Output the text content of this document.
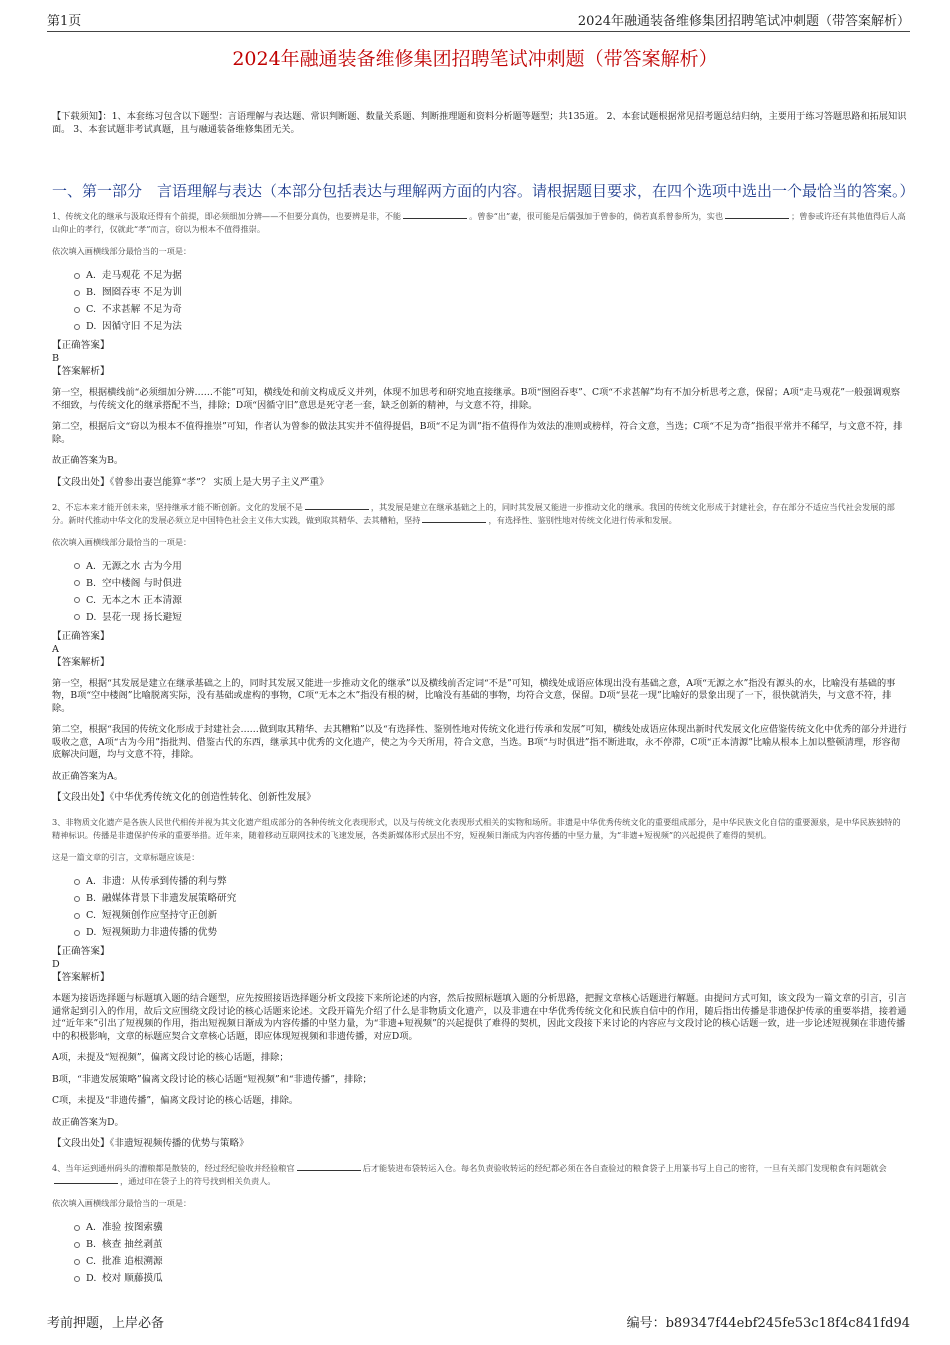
第1页	2024年融通装备维修集团招聘笔试冲刺题（带答案解析）
2024年融通装备维修集团招聘笔试冲刺题（带答案解析）
【下载须知】：1、本套练习包含以下题型：言语理解与表达题、常识判断题、数量关系题、判断推理题和资料分析题等题型；共135道。 2、本套试题根据常见招考题总结归纳，主要用于练习答题思路和拓展知识面。 3、本套试题非考试真题，且与融通装备维修集团无关。
一、第一部分　言语理解与表达（本部分包括表达与理解两方面的内容。请根据题目要求，在四个选项中选出一个最恰当的答案。）
1、传统文化的继承与汲取还得有个前提，即必须细加分辨——不但要分真伪，也要辨是非，不能	。曾参“出”妻，很可能是后儒强加于曾参的，倘若真系曾参所为，实也	；曾参或许还有其他值得后人高山仰止的孝行，仅就此“孝”而言，窃以为根本不值得推崇。
依次填入画横线部分最恰当的一项是：
A. 走马观花 不足为据
B. 囫囵吞枣 不足为训
C. 不求甚解 不足为奇
D. 因循守旧 不足为法
【正确答案】
B
【答案解析】
第一空，根据横线前“必须细加分辨……不能”可知，横线处和前文构成反义并列，体现不加思考和研究地直接继承。B项“囫囵吞枣”、C项“不求甚解”均有不加分析思考之意，保留；A项“走马观花”一般强调观察不细致，与传统文化的继承搭配不当，排除；D项“因循守旧”意思是死守老一套，缺乏创新的精神，与文意不符，排除。
第二空，根据后文“窃以为根本不值得推崇”可知，作者认为曾参的做法其实并不值得提倡，B项“不足为训”指不值得作为效法的准则或榜样，符合文意，当选；C项“不足为奇”指很平常并不稀罕，与文意不符，排除。
故正确答案为B。
【文段出处】《曾参出妻岂能算“孝”？ 实质上是大男子主义严重》
2、不忘本来才能开创未来，坚持继承才能不断创新。文化的发展不是	，其发展是建立在继承基础之上的，同时其发展又能进一步推动文化的继承。我国的传统文化形成于封建社会，存在部分不适应当代社会发展的部分。新时代推动中华文化的发展必须立足中国特色社会主义伟大实践，做到取其精华、去其糟粕，坚持	，有选择性、鉴别性地对传统文化进行传承和发展。
依次填入画横线部分最恰当的一项是：
A. 无源之水 古为今用
B. 空中楼阁 与时俱进
C. 无本之木 正本清源
D. 昙花一现 扬长避短
【正确答案】
A
【答案解析】
第一空，根据“其发展是建立在继承基础之上的，同时其发展又能进一步推动文化的继承”以及横线前否定词“不是”可知，横线处成语应体现出没有基础之意，A项“无源之水”指没有源头的水，比喻没有基础的事物，B项“空中楼阁”比喻脱离实际，没有基础或虚构的事物，C项“无本之木”指没有根的树，比喻没有基础的事物，均符合文意，保留。D项“昙花一现”比喻好的景象出现了一下，很快就消失，与文意不符，排除。
第二空，根据“我国的传统文化形成于封建社会……做到取其精华、去其糟粕”以及“有选择性、鉴别性地对传统文化进行传承和发展”可知，横线处成语应体现出新时代发展文化应借鉴传统文化中优秀的部分并进行吸收之意，A项“古为今用”指批判、借鉴古代的东西，继承其中优秀的文化遗产，使之为今天所用，符合文意，当选。B项“与时俱进”指不断进取，永不停滞，C项“正本清源”比喻从根本上加以整顿清理，形容彻底解决问题，均与文意不符，排除。
故正确答案为A。
【文段出处】《中华优秀传统文化的创造性转化、创新性发展》
3、非物质文化遗产是各族人民世代相传并视为其文化遗产组成部分的各种传统文化表现形式，以及与传统文化表现形式相关的实物和场所。非遗是中华优秀传统文化的重要组成部分，是中华民族文化自信的重要源泉，是中华民族独特的精神标识。传播是非遗保护传承的重要举措。近年来，随着移动互联网技术的飞速发展，各类新媒体形式层出不穷，短视频日渐成为内容传播的中坚力量，为“非遗+短视频”的兴起提供了难得的契机。
这是一篇文章的引言，文章标题应该是：
A. 非遗：从传承到传播的利与弊
B. 融媒体背景下非遗发展策略研究
C. 短视频创作应坚持守正创新
D. 短视频助力非遗传播的优势
【正确答案】
D
【答案解析】
本题为接语选择题与标题填入题的结合题型，应先按照接语选择题分析文段接下来所论述的内容，然后按照标题填入题的分析思路，把握文章核心话题进行解题。由提问方式可知，该文段为一篇文章的引言，引言通常起到引入的作用，故后文应围绕文段讨论的核心话题来论述。文段开篇先介绍了什么是非物质文化遗产，以及非遗在中华优秀传统文化和民族自信中的作用，随后指出传播是非遗保护传承的重要举措，接着通过“近年来”引出了短视频的作用，指出短视频日渐成为内容传播的中坚力量，为“非遗+短视频”的兴起提供了难得的契机，因此文段接下来讨论的内容应与文段讨论的核心话题一致，进一步论述短视频在非遗传播中的积极影响，文章的标题应契合文章核心话题，即应体现短视频和非遗传播，对应D项。
A项，未提及“短视频”，偏离文段讨论的核心话题，排除；
B项，“非遗发展策略”偏离文段讨论的核心话题“短视频”和“非遗传播”，排除；
C项，未提及“非遗传播”，偏离文段讨论的核心话题，排除。
故正确答案为D。
【文段出处】《非遗短视频传播的优势与策略》
4、当年运到通州码头的漕粮都是散装的，经过经纪验收并经验粮官	后才能装进布袋转运入仓。每名负责验收转运的经纪都必须在各自查验过的粮食袋子上用篆书写上自己的密符，一旦有关部门发现粮食有问题就会，通过印在袋子上的符号找到相关负责人。
依次填入画横线部分最恰当的一项是：
A. 准验 按图索骥
B. 核查 抽丝剥茧
C. 批准 追根溯源
D. 校对 顺藤摸瓜
考前押题，上岸必备	编号：b89347f44ebf245fe53c18f4c841fd94
